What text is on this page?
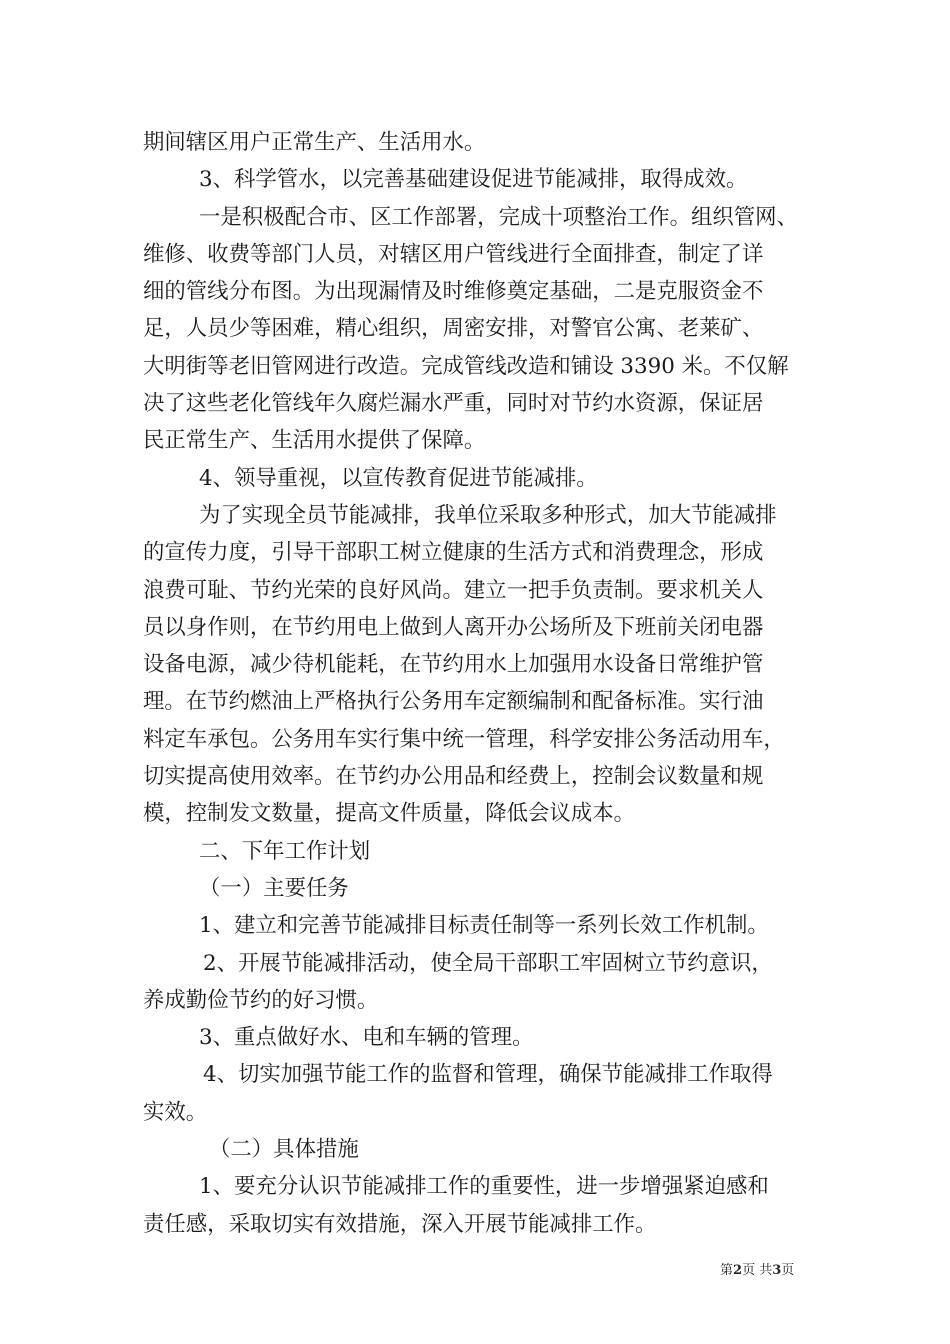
期间辖区用户正常生产、生活用水。
3、科学管水，以完善基础建设促进节能减排，取得成效。
一是积极配合市、区工作部署，完成十项整治工作。组织管网、
维修、收费等部门人员，对辖区用户管线进行全面排查，制定了详
细的管线分布图。为出现漏情及时维修奠定基础，二是克服资金不
足，人员少等困难，精心组织，周密安排，对警官公寓、老莱矿、
大明街等老旧管网进行改造。完成管线改造和铺设 3390 米。不仅解
决了这些老化管线年久腐烂漏水严重，同时对节约水资源，保证居
民正常生产、生活用水提供了保障。
4、领导重视，以宣传教育促进节能减排。
为了实现全员节能减排，我单位采取多种形式，加大节能减排
的宣传力度，引导干部职工树立健康的生活方式和消费理念，形成
浪费可耻、节约光荣的良好风尚。建立一把手负责制。要求机关人
员以身作则，在节约用电上做到人离开办公场所及下班前关闭电器
设备电源，减少待机能耗，在节约用水上加强用水设备日常维护管
理。在节约燃油上严格执行公务用车定额编制和配备标准。实行油
料定车承包。公务用车实行集中统一管理，科学安排公务活动用车，
切实提高使用效率。在节约办公用品和经费上，控制会议数量和规
模，控制发文数量，提高文件质量，降低会议成本。
二、下年工作计划
（一）主要任务
1、建立和完善节能减排目标责任制等一系列长效工作机制。
2、开展节能减排活动，使全局干部职工牢固树立节约意识，
养成勤俭节约的好习惯。
3、重点做好水、电和车辆的管理。
4、切实加强节能工作的监督和管理，确保节能减排工作取得
实效。
（二）具体措施
1、要充分认识节能减排工作的重要性，进一步增强紧迫感和
责任感，采取切实有效措施，深入开展节能减排工作。
第2页 共3页
